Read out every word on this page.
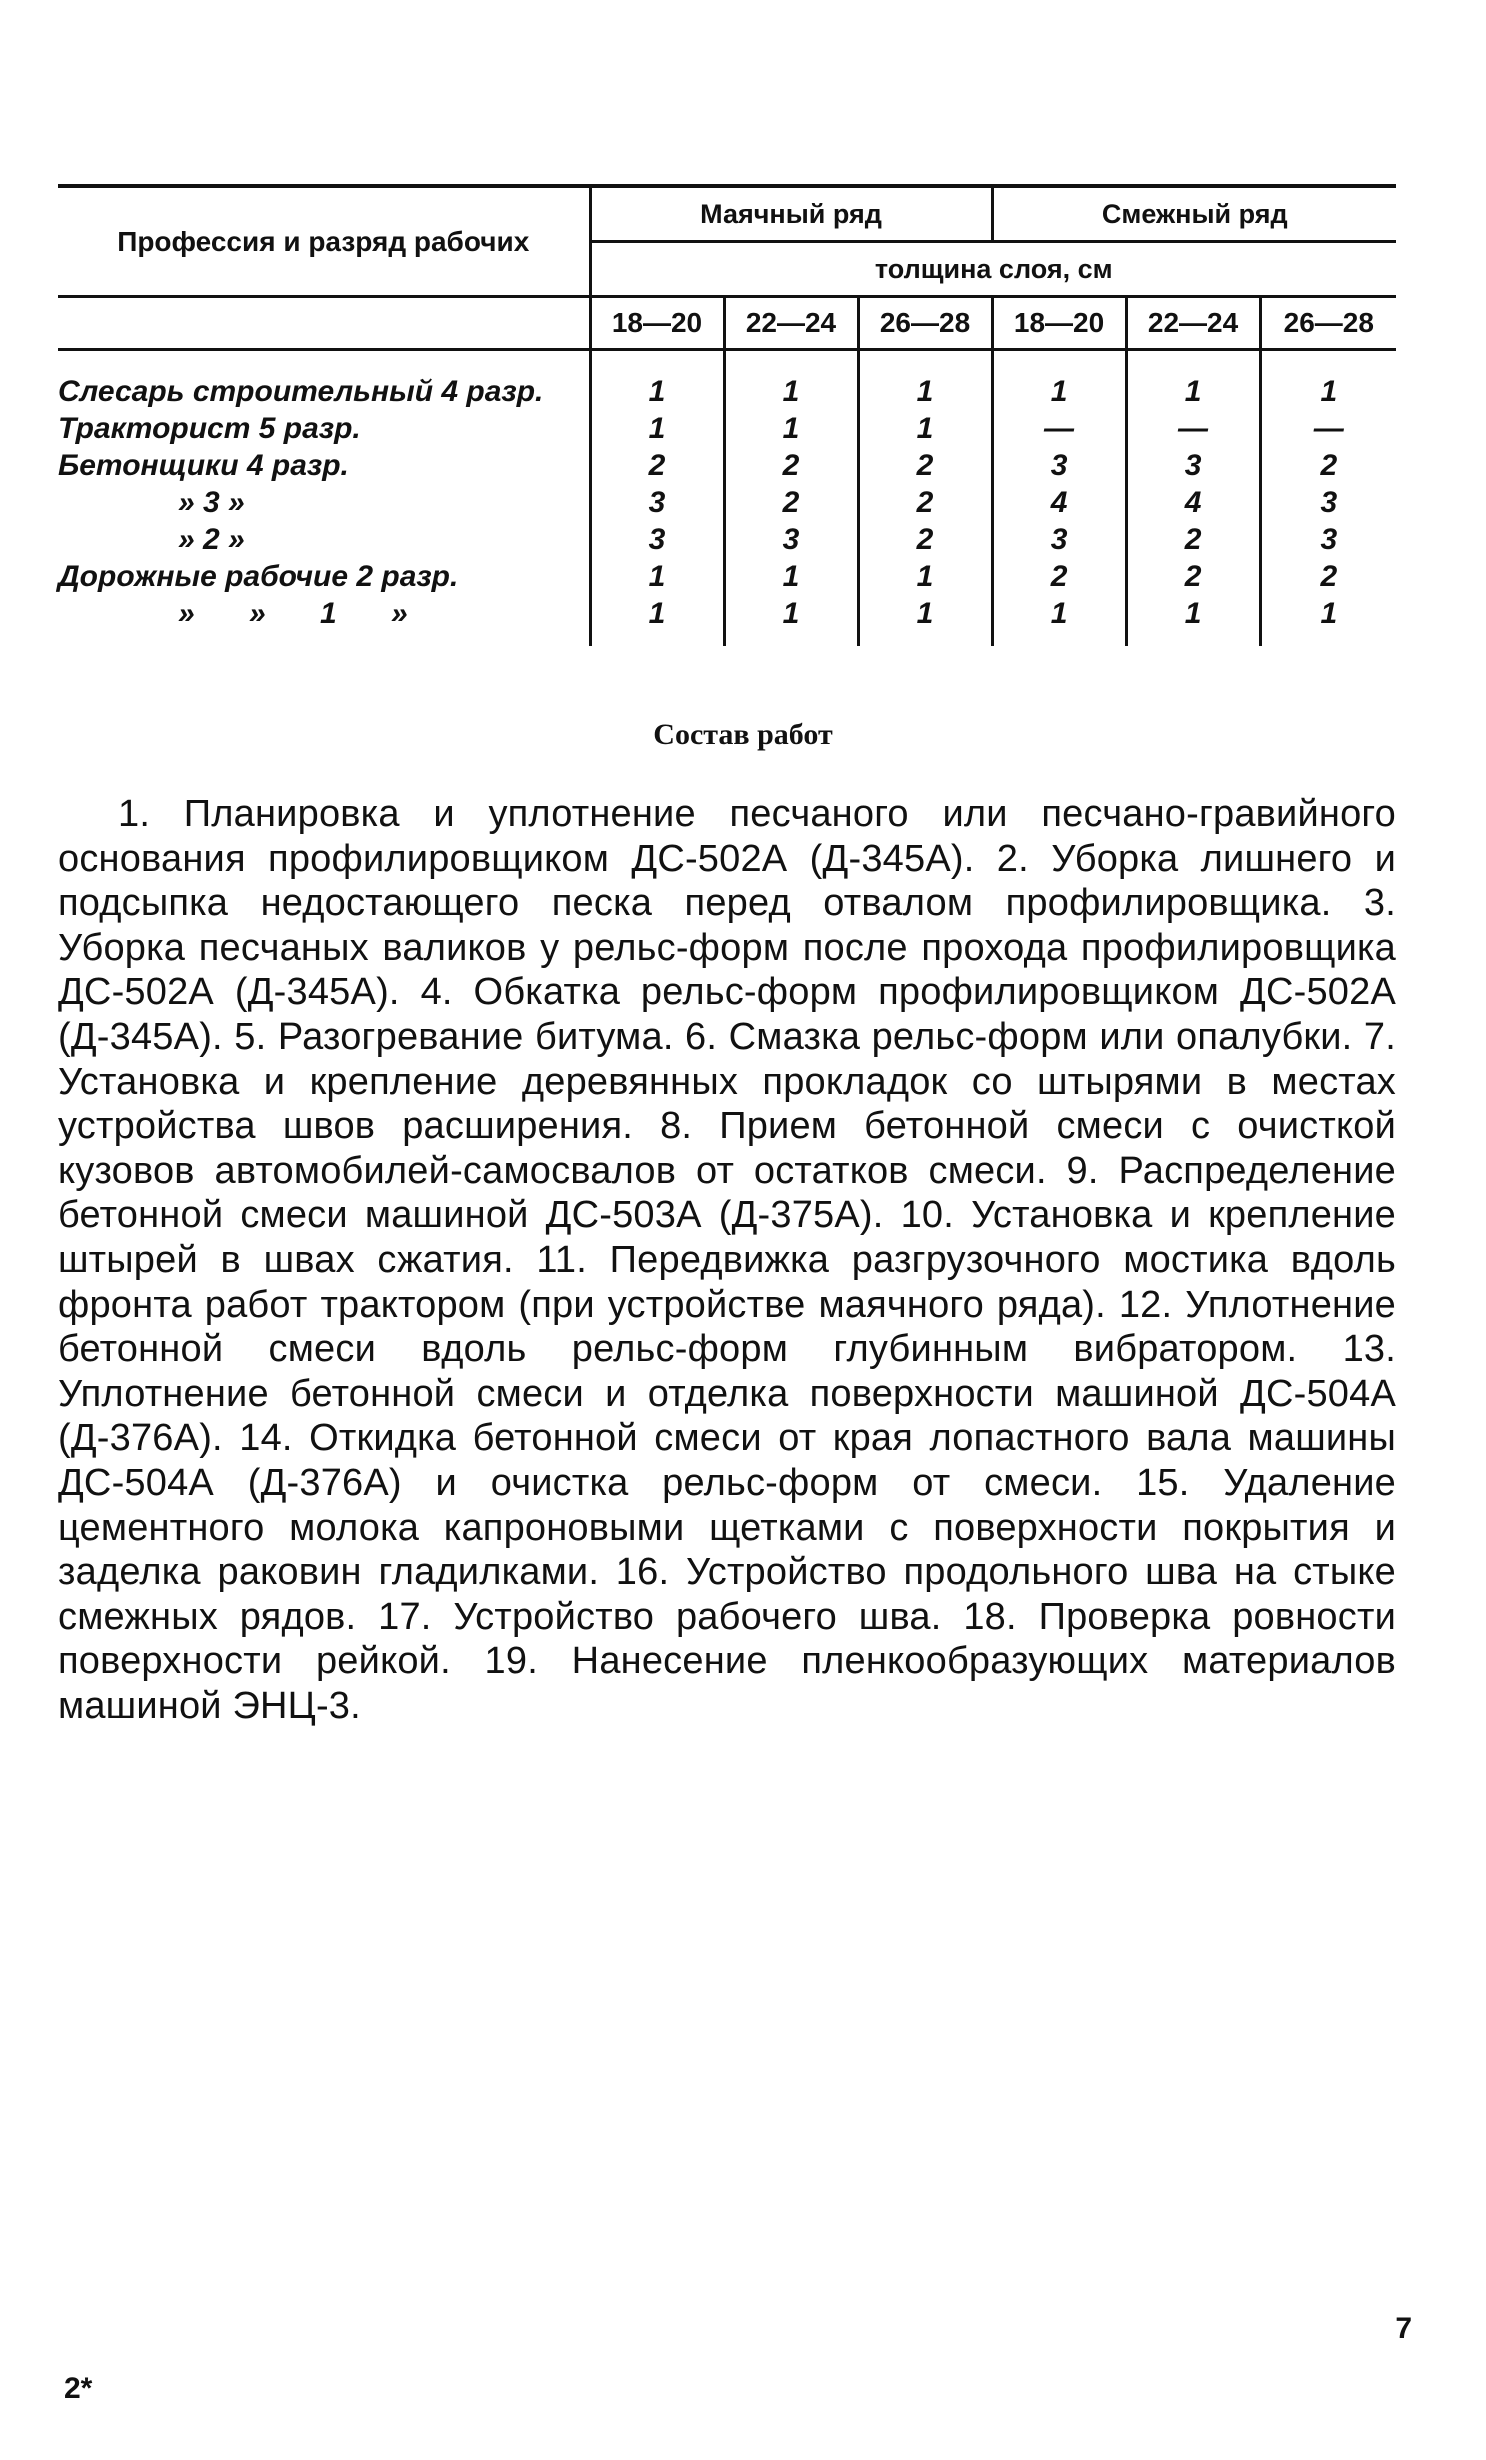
Профессия и разряд рабочих	Маячный ряд			Смежный ряд		
	толщина слоя, см					
	18—20	22—24	26—28	18—20	22—24	26—28

Слесарь строительный 4 разр.	1	1	1	1	1	1
Тракторист 5 разр.	1	1	1	—	—	—
Бетонщики 4 разр.	2	2	2	3	3	2
» 3 »	3	2	2	4	4	3
» 2 »	3	3	2	3	2	3
Дорожные рабочие 2 разр.	1	1	1	2	2	2
» » 1 »	1	1	1	1	1	1
Состав работ

1. Планировка и уплотнение песчаного или песчано-гравийного основания профилировщиком ДС-502А (Д-345А). 2. Уборка лишнего и подсыпка недостающего песка перед отвалом профилировщика. 3. Уборка песчаных валиков у рельс-форм после прохода профилировщика ДС-502А (Д-345А). 4. Обкатка рельс-форм профилировщиком ДС-502А (Д-345А). 5. Разогревание битума. 6. Смазка рельс-форм или опалубки. 7. Установка и крепление деревянных прокладок со штырями в местах устройства швов расширения. 8. Прием бетонной смеси с очисткой кузовов автомобилей-самосвалов от остатков смеси. 9. Распределение бетонной смеси машиной ДС-503А (Д-375А). 10. Установка и крепление штырей в швах сжатия. 11. Передвижка разгрузочного мостика вдоль фронта работ трактором (при устройстве маячного ряда). 12. Уплотнение бетонной смеси вдоль рельс-форм глубинным вибратором. 13. Уплотнение бетонной смеси и отделка поверхности машиной ДС-504А (Д-376А). 14. Откидка бетонной смеси от края лопастного вала машины ДС-504А (Д-376А) и очистка рельс-форм от смеси. 15. Удаление цементного молока капроновыми щетками с поверхности покрытия и заделка раковин гладилками. 16. Устройство продольного шва на стыке смежных рядов. 17. Устройство рабочего шва. 18. Проверка ровности поверхности рейкой. 19. Нанесение пленкообразующих материалов машиной ЭНЦ-3.

7
2*
